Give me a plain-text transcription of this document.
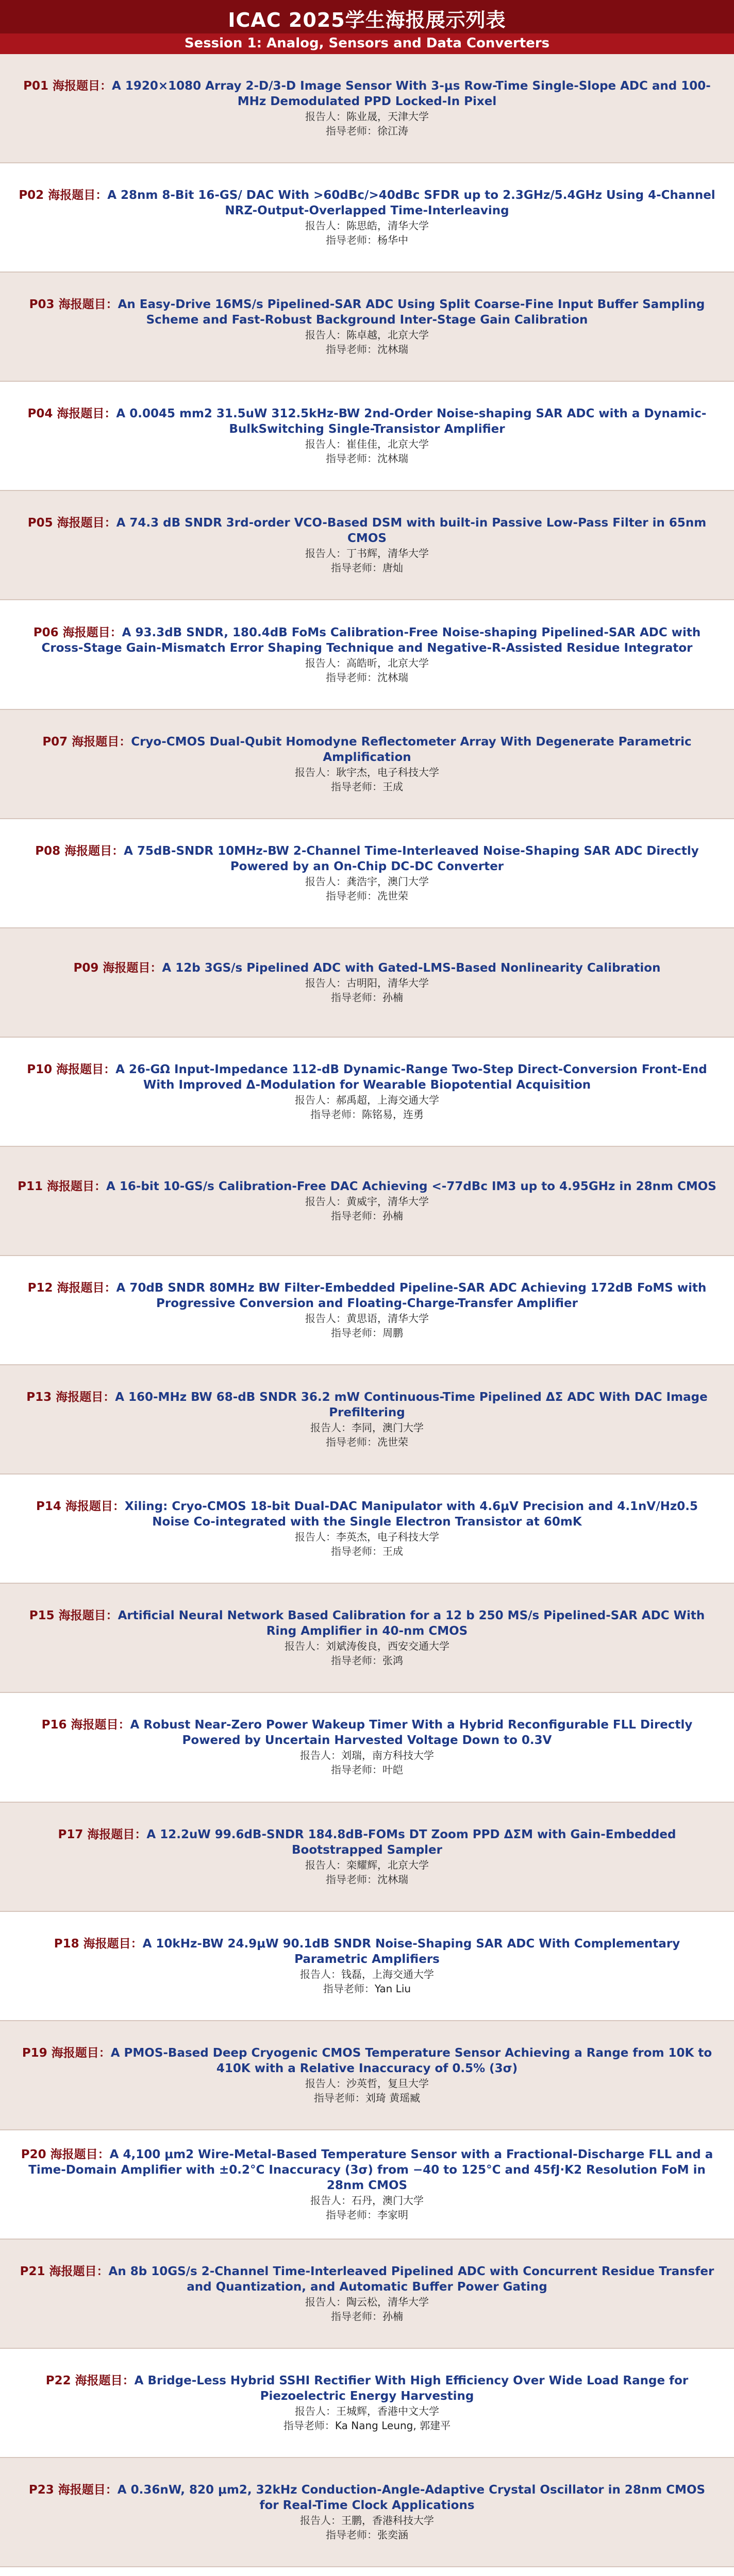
ICAC 2025学生海报展示列表
Session 1: Analog, Sensors and Data Converters
P01 海报题目：A 1920×1080 Array 2-D/3-D Image Sensor With 3-μs Row-Time Single-Slope ADC and 100-MHz Demodulated PPD Locked-In Pixel
报告人：陈业晟，天津大学
指导老师：徐江涛
P02 海报题目：A 28nm 8-Bit 16-GS/ DAC With >60dBc/>40dBc SFDR up to 2.3GHz/5.4GHz Using 4-Channel NRZ-Output-Overlapped Time-Interleaving
报告人：陈思皓，清华大学
指导老师：杨华中
P03 海报题目：An Easy-Drive 16MS/s Pipelined-SAR ADC Using Split Coarse-Fine Input Buffer Sampling Scheme and Fast-Robust Background Inter-Stage Gain Calibration
报告人：陈卓越，北京大学
指导老师：沈林瑞
P04 海报题目：A 0.0045 mm2 31.5uW 312.5kHz-BW 2nd-Order Noise-shaping SAR ADC with a Dynamic-BulkSwitching Single-Transistor Amplifier
报告人：崔佳佳，北京大学
指导老师：沈林瑞
P05 海报题目：A 74.3 dB SNDR 3rd-order VCO-Based DSM with built-in Passive Low-Pass Filter in 65nm CMOS
报告人：丁书辉，清华大学
指导老师：唐灿
P06 海报题目：A 93.3dB SNDR, 180.4dB FoMs Calibration-Free Noise-shaping Pipelined-SAR ADC with Cross-Stage Gain-Mismatch Error Shaping Technique and Negative-R-Assisted Residue Integrator
报告人：高皓昕，北京大学
指导老师：沈林瑞
P07 海报题目：Cryo-CMOS Dual-Qubit Homodyne Reflectometer Array With Degenerate Parametric Amplification
报告人：耿宇杰，电子科技大学
指导老师：王成
P08 海报题目：A 75dB-SNDR 10MHz-BW 2-Channel Time-Interleaved Noise-Shaping SAR ADC Directly Powered by an On-Chip DC-DC Converter
报告人：龚浩宇，澳门大学
指导老师：冼世荣
P09 海报题目：A 12b 3GS/s Pipelined ADC with Gated-LMS-Based Nonlinearity Calibration
报告人：古明阳，清华大学
指导老师：孙楠
P10 海报题目：A 26-GΩ Input-Impedance 112-dB Dynamic-Range Two-Step Direct-Conversion Front-End With Improved Δ-Modulation for Wearable Biopotential Acquisition
报告人：郝禹超，上海交通大学
指导老师：陈铭易，连勇
P11 海报题目：A 16-bit 10-GS/s Calibration-Free DAC Achieving <-77dBc IM3 up to 4.95GHz in 28nm CMOS
报告人：黄威宇，清华大学
指导老师：孙楠
P12 海报题目：A 70dB SNDR 80MHz BW Filter-Embedded Pipeline-SAR ADC Achieving 172dB FoMS with Progressive Conversion and Floating-Charge-Transfer Amplifier
报告人：黄思语，清华大学
指导老师：周鹏
P13 海报题目：A 160-MHz BW 68-dB SNDR 36.2 mW Continuous-Time Pipelined ΔΣ ADC With DAC Image Prefiltering
报告人：李同，澳门大学
指导老师：冼世荣
P14 海报题目：Xiling: Cryo-CMOS 18-bit Dual-DAC Manipulator with 4.6μV Precision and 4.1nV/Hz0.5 Noise Co-integrated with the Single Electron Transistor at 60mK
报告人：李英杰，电子科技大学
指导老师：王成
P15 海报题目：Artificial Neural Network Based Calibration for a 12 b 250 MS/s Pipelined-SAR ADC With Ring Amplifier in 40-nm CMOS
报告人：刘斌涛俊良，西安交通大学
指导老师：张鸿
P16 海报题目：A Robust Near-Zero Power Wakeup Timer With a Hybrid Reconfigurable FLL Directly Powered by Uncertain Harvested Voltage Down to 0.3V
报告人：刘瑞，南方科技大学
指导老师：叶皑
P17 海报题目：A 12.2uW 99.6dB-SNDR 184.8dB-FOMs DT Zoom PPD ΔΣM with Gain-Embedded Bootstrapped Sampler
报告人：栾耀辉，北京大学
指导老师：沈林瑞
P18 海报题目：A 10kHz-BW 24.9μW 90.1dB SNDR Noise-Shaping SAR ADC With Complementary Parametric Amplifiers
报告人：钱磊，上海交通大学
指导老师：Yan Liu
P19 海报题目：A PMOS-Based Deep Cryogenic CMOS Temperature Sensor Achieving a Range from 10K to 410K with a Relative Inaccuracy of 0.5% (3σ)
报告人：沙英哲，复旦大学
指导老师：刘琦 黄瑶臧
P20 海报题目：A 4,100 μm2 Wire-Metal-Based Temperature Sensor with a Fractional-Discharge FLL and a Time-Domain Amplifier with ±0.2°C Inaccuracy (3σ) from −40 to 125°C and 45fJ·K2 Resolution FoM in 28nm CMOS
报告人：石丹，澳门大学
指导老师：李家明
P21 海报题目：An 8b 10GS/s 2-Channel Time-Interleaved Pipelined ADC with Concurrent Residue Transfer and Quantization, and Automatic Buffer Power Gating
报告人：陶云松，清华大学
指导老师：孙楠
P22 海报题目：A Bridge-Less Hybrid SSHI Rectifier With High Efficiency Over Wide Load Range for Piezoelectric Energy Harvesting
报告人：王城辉，香港中文大学
指导老师：Ka Nang Leung, 郭建平
P23 海报题目：A 0.36nW, 820 μm2, 32kHz Conduction-Angle-Adaptive Crystal Oscillator in 28nm CMOS for Real-Time Clock Applications
报告人：王鹏，香港科技大学
指导老师：张奕涵
